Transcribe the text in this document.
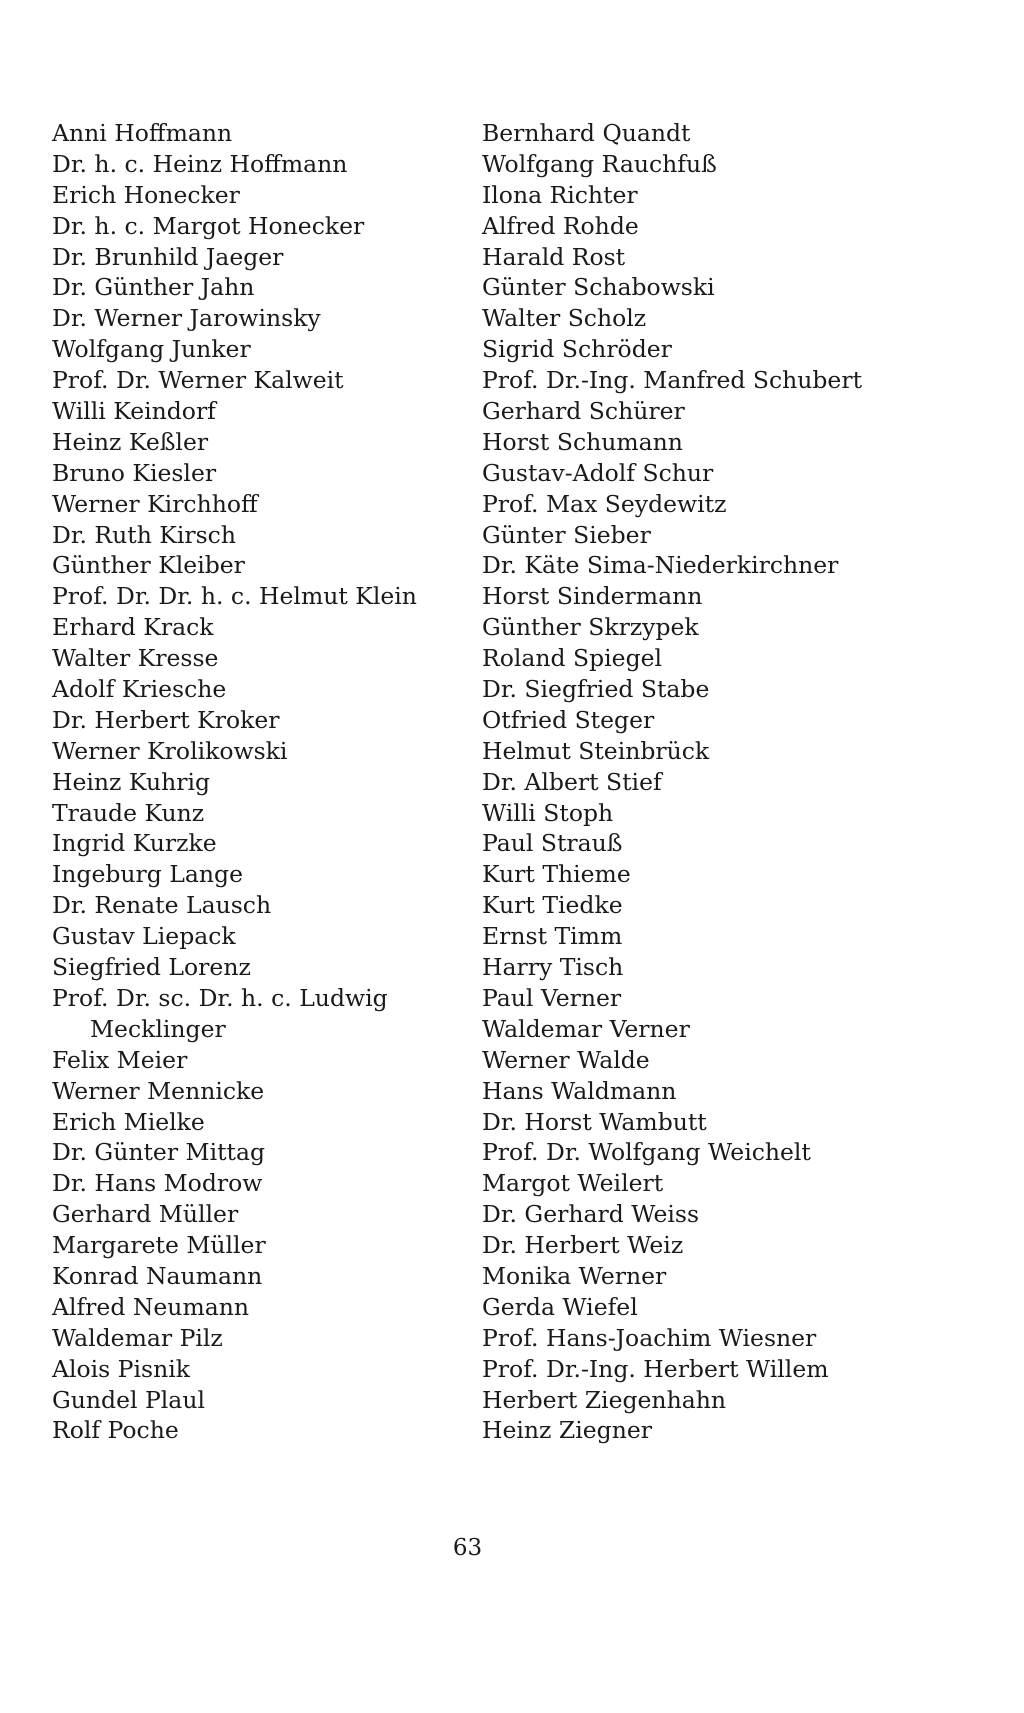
Anni Hoffmann
Dr. h. c. Heinz Hoffmann
Erich Honecker
Dr. h. c. Margot Honecker
Dr. Brunhild Jaeger
Dr. Günther Jahn
Dr. Werner Jarowinsky
Wolfgang Junker
Prof. Dr. Werner Kalweit
Willi Keindorf
Heinz Keßler
Bruno Kiesler
Werner Kirchhoff
Dr. Ruth Kirsch
Günther Kleiber
Prof. Dr. Dr. h. c. Helmut Klein
Erhard Krack
Walter Kresse
Adolf Kriesche
Dr. Herbert Kroker
Werner Krolikowski
Heinz Kuhrig
Traude Kunz
Ingrid Kurzke
Ingeburg Lange
Dr. Renate Lausch
Gustav Liepack
Siegfried Lorenz
Prof. Dr. sc. Dr. h. c. Ludwig
Mecklinger
Felix Meier
Werner Mennicke
Erich Mielke
Dr. Günter Mittag
Dr. Hans Modrow
Gerhard Müller
Margarete Müller
Konrad Naumann
Alfred Neumann
Waldemar Pilz
Alois Pisnik
Gundel Plaul
Rolf Poche
Bernhard Quandt
Wolfgang Rauchfuß
Ilona Richter
Alfred Rohde
Harald Rost
Günter Schabowski
Walter Scholz
Sigrid Schröder
Prof. Dr.-Ing. Manfred Schubert
Gerhard Schürer
Horst Schumann
Gustav-Adolf Schur
Prof. Max Seydewitz
Günter Sieber
Dr. Käte Sima-Niederkirchner
Horst Sindermann
Günther Skrzypek
Roland Spiegel
Dr. Siegfried Stabe
Otfried Steger
Helmut Steinbrück
Dr. Albert Stief
Willi Stoph
Paul Strauß
Kurt Thieme
Kurt Tiedke
Ernst Timm
Harry Tisch
Paul Verner
Waldemar Verner
Werner Walde
Hans Waldmann
Dr. Horst Wambutt
Prof. Dr. Wolfgang Weichelt
Margot Weilert
Dr. Gerhard Weiss
Dr. Herbert Weiz
Monika Werner
Gerda Wiefel
Prof. Hans-Joachim Wiesner
Prof. Dr.-Ing. Herbert Willem
Herbert Ziegenhahn
Heinz Ziegner
63
